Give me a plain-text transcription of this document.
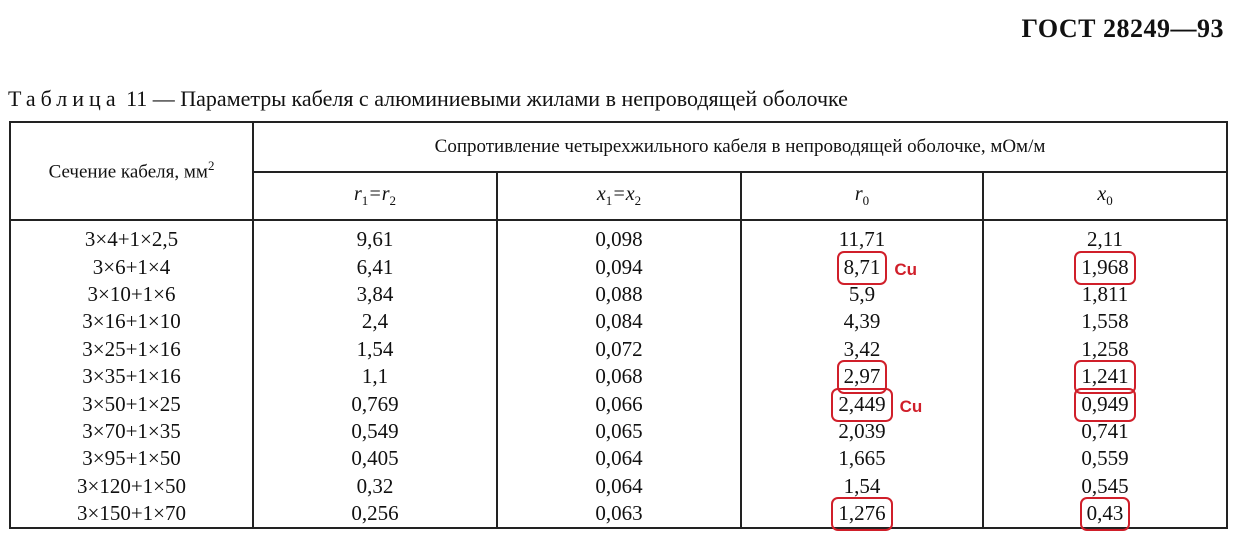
ГОСТ 28249—93
Таблица 11 — Параметры кабеля с алюминиевыми жилами в непроводящей оболочке
Сечение кабеля, $мм^2$	Сопротивление четырехжильного кабеля в непроводящей оболочке, мОм/м			
	$r_1=r_2$	$x_1=x_2$	$r_0$	$x_0$
3×4+1×2,5	9,61	0,098	11,71	2,11
3×6+1×4	6,41	0,094	8,71 Cu	1,968
3×10+1×6	3,84	0,088	5,9	1,811
3×16+1×10	2,4	0,084	4,39	1,558
3×25+1×16	1,54	0,072	3,42	1,258
3×35+1×16	1,1	0,068	2,97	1,241
3×50+1×25	0,769	0,066	2,449 Cu	0,949
3×70+1×35	0,549	0,065	2,039	0,741
3×95+1×50	0,405	0,064	1,665	0,559
3×120+1×50	0,32	0,064	1,54	0,545
3×150+1×70	0,256	0,063	1,276	0,43
